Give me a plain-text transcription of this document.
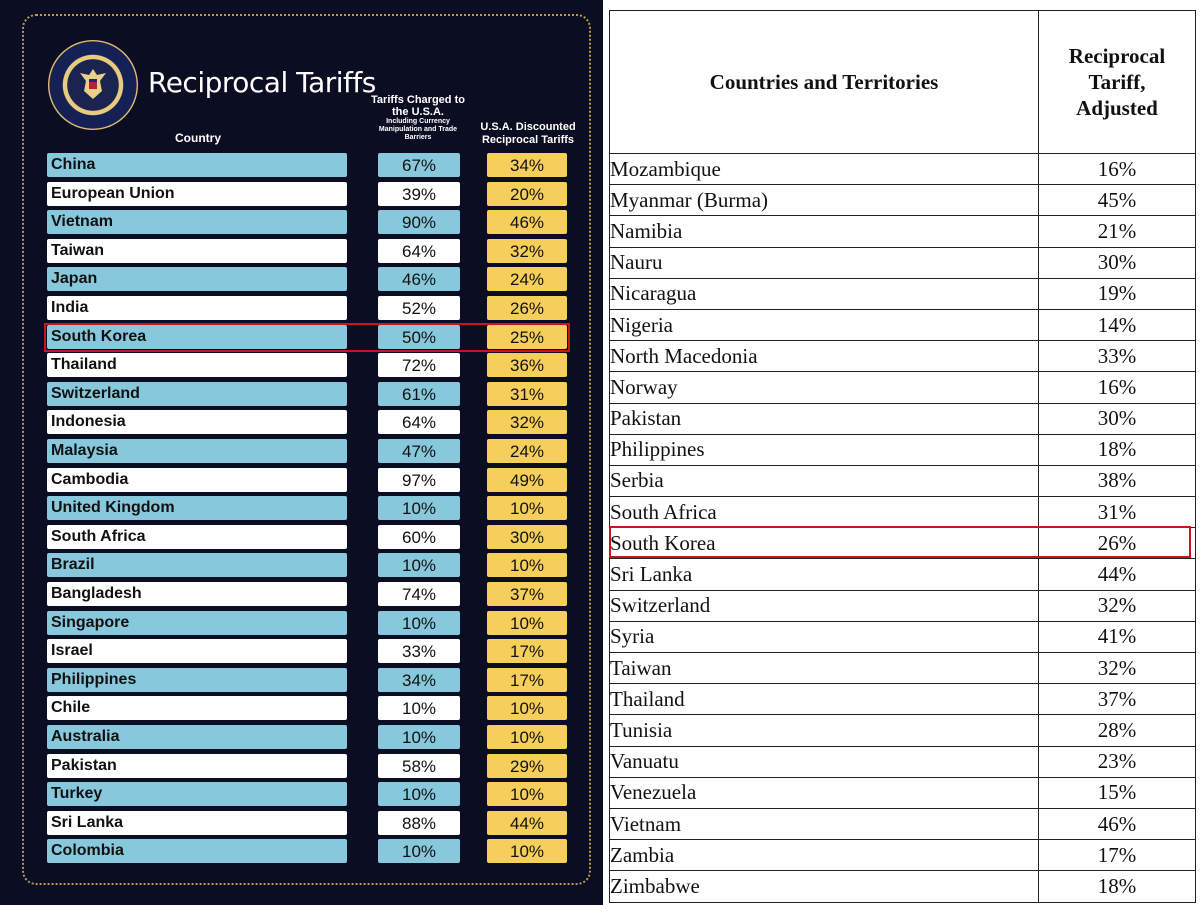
Reciprocal Tariffs
Country
Tariffs Charged to the U.S.A.
Including Currency Manipulation and Trade Barriers
U.S.A. Discounted Reciprocal Tariffs
China	67%	34%
European Union	39%	20%
Vietnam	90%	46%
Taiwan	64%	32%
Japan	46%	24%
India	52%	26%
South Korea	50%	25%
Thailand	72%	36%
Switzerland	61%	31%
Indonesia	64%	32%
Malaysia	47%	24%
Cambodia	97%	49%
United Kingdom	10%	10%
South Africa	60%	30%
Brazil	10%	10%
Bangladesh	74%	37%
Singapore	10%	10%
Israel	33%	17%
Philippines	34%	17%
Chile	10%	10%
Australia	10%	10%
Pakistan	58%	29%
Turkey	10%	10%
Sri Lanka	88%	44%
Colombia	10%	10%
Countries and Territories	Reciprocal
Tariff,
Adjusted

Mozambique	16%
Myanmar (Burma)	45%
Namibia	21%
Nauru	30%
Nicaragua	19%
Nigeria	14%
North Macedonia	33%
Norway	16%
Pakistan	30%
Philippines	18%
Serbia	38%
South Africa	31%
South Korea	26%
Sri Lanka	44%
Switzerland	32%
Syria	41%
Taiwan	32%
Thailand	37%
Tunisia	28%
Vanuatu	23%
Venezuela	15%
Vietnam	46%
Zambia	17%
Zimbabwe	18%
